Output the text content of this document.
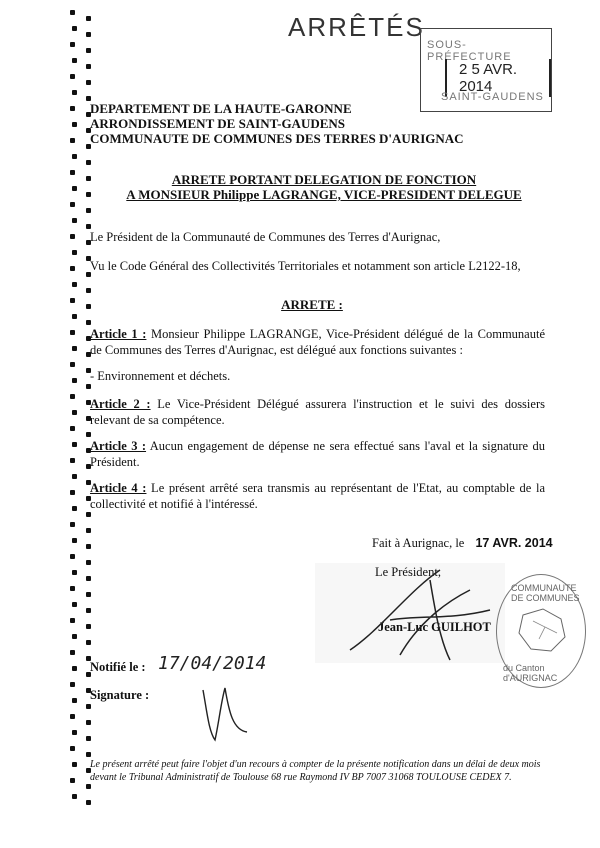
ARRÊTÉS
SOUS-PRÉFECTURE
2 5 AVR. 2014
SAINT-GAUDENS
DEPARTEMENT DE LA HAUTE-GARONNE
ARRONDISSEMENT DE SAINT-GAUDENS
COMMUNAUTE DE COMMUNES DES TERRES D'AURIGNAC
ARRETE PORTANT DELEGATION DE FONCTION
A MONSIEUR Philippe LAGRANGE, VICE-PRESIDENT DELEGUE
Le Président de la Communauté de Communes des Terres d'Aurignac,
Vu le Code Général des Collectivités Territoriales et notamment son article L2122-18,
ARRETE :
Article 1 : Monsieur Philippe LAGRANGE, Vice-Président délégué de la Communauté de Communes des Terres d'Aurignac, est délégué aux fonctions suivantes :
- Environnement et déchets.
Article 2 : Le Vice-Président Délégué assurera l'instruction et le suivi des dossiers relevant de sa compétence.
Article 3 : Aucun engagement de dépense ne sera effectué sans l'aval et la signature du Président.
Article 4 : Le présent arrêté sera transmis au représentant de l'Etat, au comptable de la collectivité et notifié à l'intéressé.
Fait à Aurignac, le 17 AVR. 2014
Le Président,
Jean-Luc GUILHOT
COMMUNAUTE DE COMMUNES
du Canton d'AURIGNAC
Notifié le : 17/04/2014
Signature :
Le présent arrêté peut faire l'objet d'un recours à compter de la présente notification dans un délai de deux mois devant le Tribunal Administratif de Toulouse 68 rue Raymond IV BP 7007 31068 TOULOUSE CEDEX 7.
